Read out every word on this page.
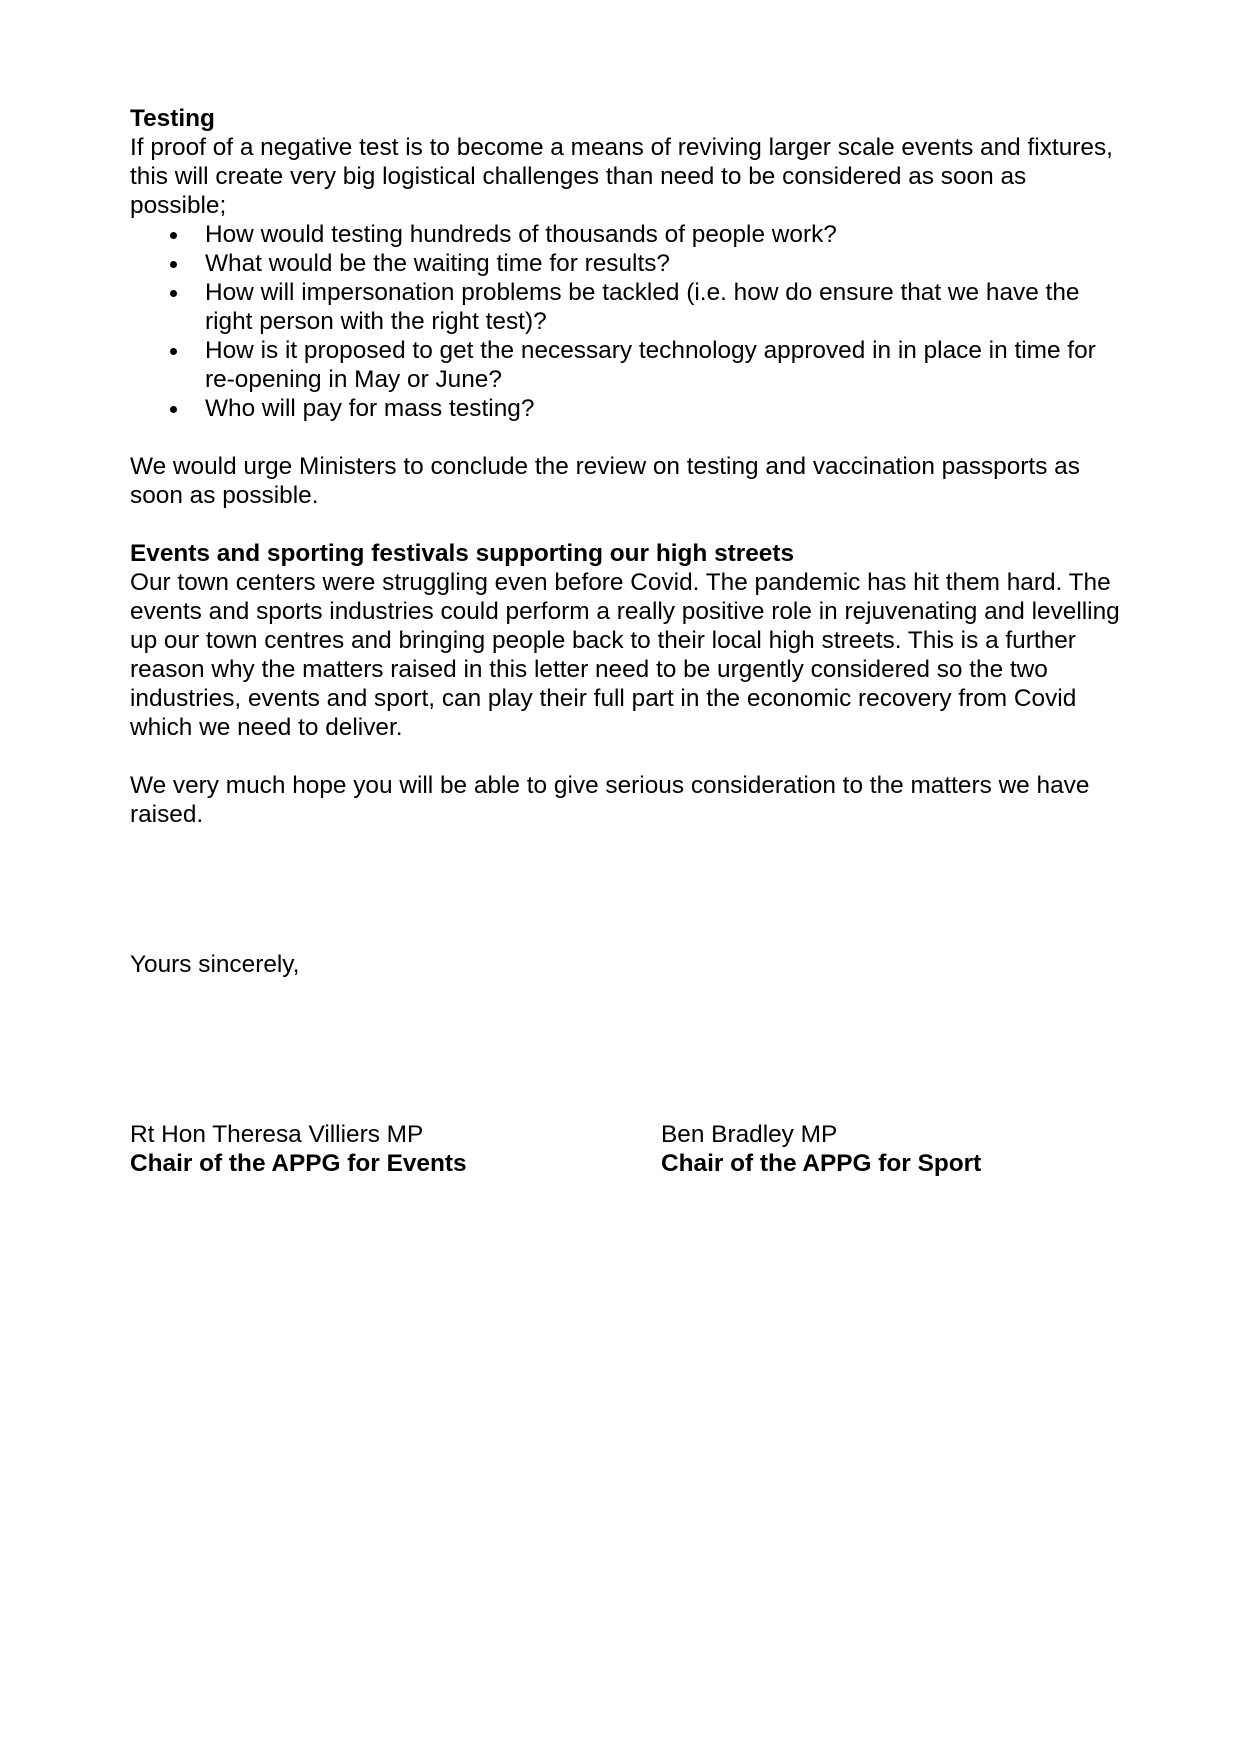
Testing

If proof of a negative test is to become a means of reviving larger scale events and fixtures, this will create very big logistical challenges than need to be considered as soon as possible;

How would testing hundreds of thousands of people work?
What would be the waiting time for results?
How will impersonation problems be tackled (i.e. how do ensure that we have the right person with the right test)?
How is it proposed to get the necessary technology approved in in place in time for re-opening in May or June?
Who will pay for mass testing?

We would urge Ministers to conclude the review on testing and vaccination passports as soon as possible.

Events and sporting festivals supporting our high streets

Our town centers were struggling even before Covid. The pandemic has hit them hard. The events and sports industries could perform a really positive role in rejuvenating and levelling up our town centres and bringing people back to their local high streets. This is a further reason why the matters raised in this letter need to be urgently considered so the two industries, events and sport, can play their full part in the economic recovery from Covid which we need to deliver.

We very much hope you will be able to give serious consideration to the matters we have raised.

Yours sincerely,
Rt Hon Theresa Villiers MP
Chair of the APPG for Events
Ben Bradley MP
Chair of the APPG for Sport
